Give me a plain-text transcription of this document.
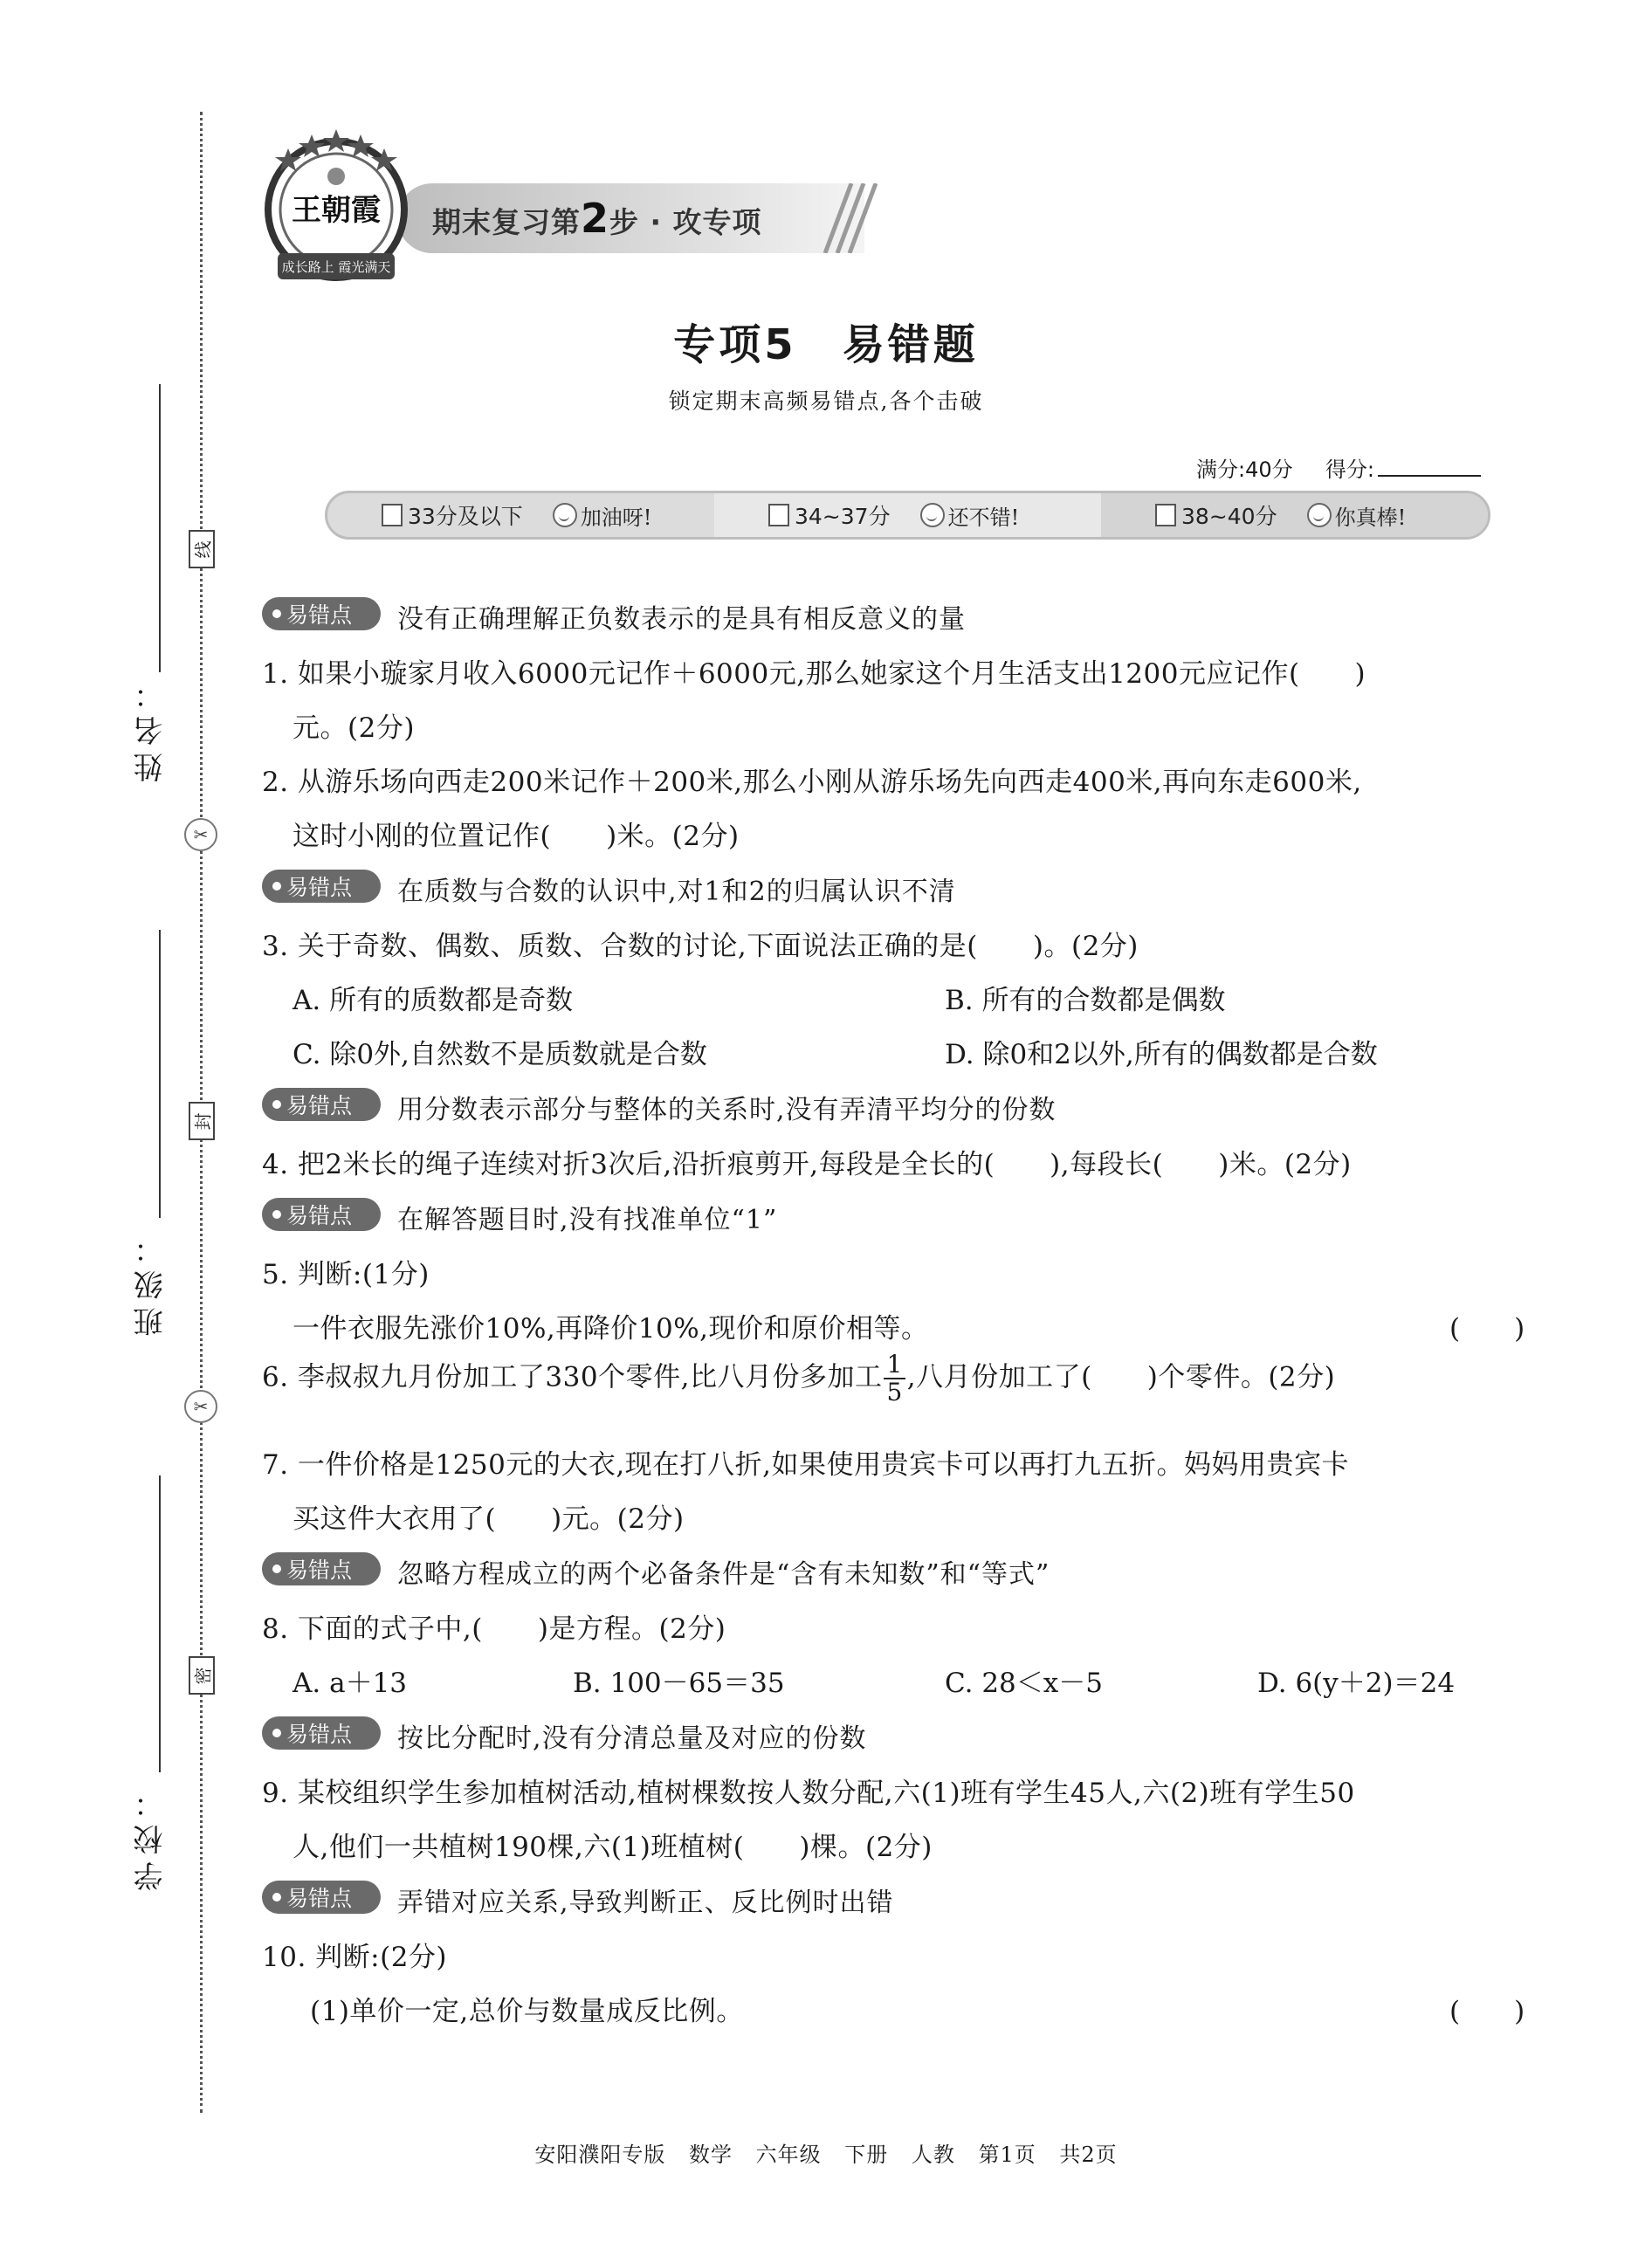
姓名：
班级：
学校：
线
✂
封
✂
密
期末复习第2步 · 攻专项
王朝霞
成长路上 霞光满天
专项5　易错题
锁定期末高频易错点,各个击破
满分:40分 得分:
33分及以下	加油呀!	34~37分	还不错!	38~40分	你真棒!
易错点 没有正确理解正负数表示的是具有相反意义的量
1. 如果小璇家月收入6000元记作＋6000元,那么她家这个月生活支出1200元应记作(　　)
元。(2分)
2. 从游乐场向西走200米记作＋200米,那么小刚从游乐场先向西走400米,再向东走600米,
这时小刚的位置记作(　　)米。(2分)
易错点 在质数与合数的认识中,对1和2的归属认识不清
3. 关于奇数、偶数、质数、合数的讨论,下面说法正确的是(　　)。(2分)
A. 所有的质数都是奇数	B. 所有的合数都是偶数
C. 除0外,自然数不是质数就是合数	D. 除0和2以外,所有的偶数都是合数
易错点 用分数表示部分与整体的关系时,没有弄清平均分的份数
4. 把2米长的绳子连续对折3次后,沿折痕剪开,每段是全长的(　　),每段长(　　)米。(2分)
易错点 在解答题目时,没有找准单位“1”
5. 判断:(1分)
一件衣服先涨价10%,再降价10%,现价和原价相等。	(　　)
6. 李叔叔九月份加工了330个零件,比八月份多加工 $\frac{1}{5}$ ,八月份加工了(　　)个零件。(2分)
7. 一件价格是1250元的大衣,现在打八折,如果使用贵宾卡可以再打九五折。妈妈用贵宾卡
买这件大衣用了(　　)元。(2分)
易错点 忽略方程成立的两个必备条件是“含有未知数”和“等式”
8. 下面的式子中,(　　)是方程。(2分)
A. a＋13	B. 100－65＝35	C. 28＜x－5	D. 6(y＋2)＝24
易错点 按比分配时,没有分清总量及对应的份数
9. 某校组织学生参加植树活动,植树棵数按人数分配,六(1)班有学生45人,六(2)班有学生50
人,他们一共植树190棵,六(1)班植树(　　)棵。(2分)
易错点 弄错对应关系,导致判断正、反比例时出错
10. 判断:(2分)
(1)单价一定,总价与数量成反比例。	(　　)
安阳濮阳专版 数学 六年级 下册 人教 第1页 共2页
